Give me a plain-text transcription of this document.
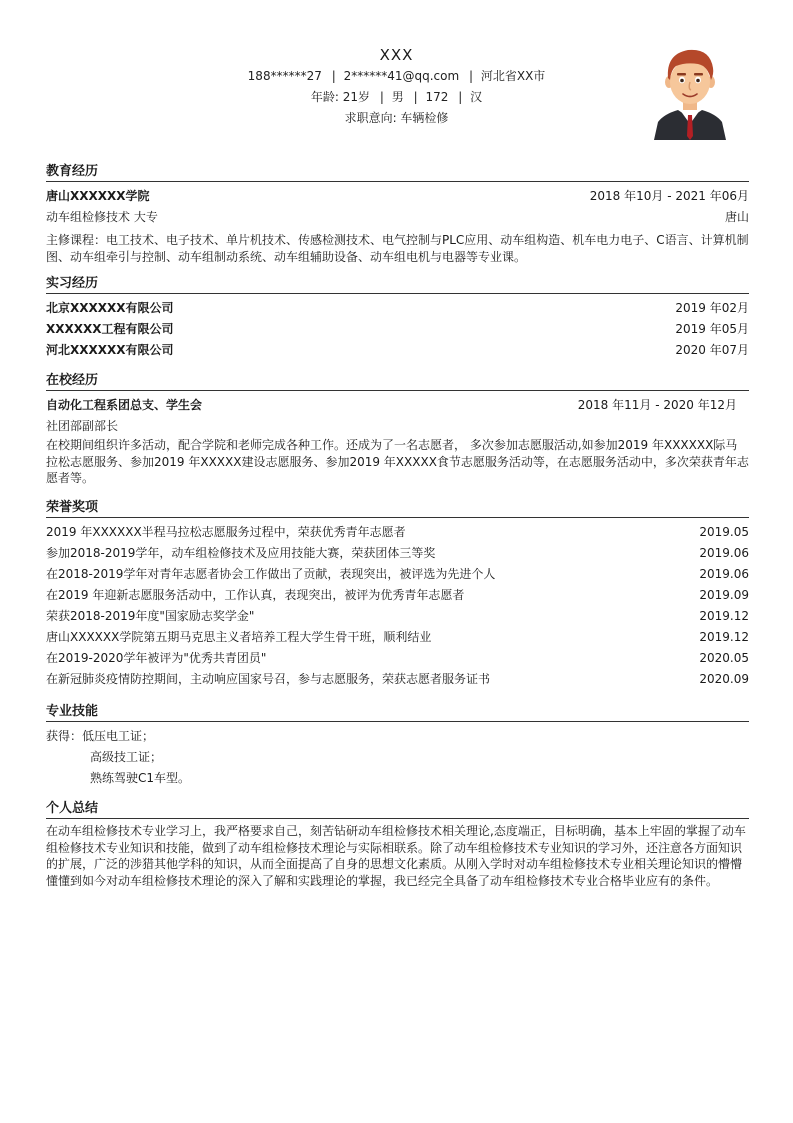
XXX
188******27 | 2******41@qq.com | 河北省XX市
年龄: 21岁 | 男 | 172 | 汉
求职意向: 车辆检修
教育经历
唐山XXXXXX学院	2018 年10月 - 2021 年06月
动车组检修技术 大专	唐山
主修课程：电工技术、电子技术、单片机技术、传感检测技术、电气控制与PLC应用、动车组构造、机车电力电子、C语言、计算机制图、动车组牵引与控制、动车组制动系统、动车组辅助设备、动车组电机与电器等专业课。
实习经历
北京XXXXXX有限公司	2019 年02月
XXXXXX工程有限公司	2019 年05月
河北XXXXXX有限公司	2020 年07月
在校经历
自动化工程系团总支、学生会	2018 年11月 - 2020 年12月
社团部副部长
在校期间组织许多活动，配合学院和老师完成各种工作。还成为了一名志愿者， 多次参加志愿服活动,如参加2019 年XXXXXX际马拉松志愿服务、参加2019 年XXXXX建设志愿服务、参加2019 年XXXXX食节志愿服务活动等，在志愿服务活动中，多次荣获青年志愿者等。
荣誉奖项
2019 年XXXXXX半程马拉松志愿服务过程中，荣获优秀青年志愿者	2019.05
参加2018-2019学年，动车组检修技术及应用技能大赛，荣获团体三等奖	2019.06
在2018-2019学年对青年志愿者协会工作做出了贡献，表现突出，被评选为先进个人	2019.06
在2019 年迎新志愿服务活动中，工作认真，表现突出，被评为优秀青年志愿者	2019.09
荣获2018-2019年度"国家励志奖学金"	2019.12
唐山XXXXXX学院第五期马克思主义者培养工程大学生骨干班，顺利结业	2019.12
在2019-2020学年被评为"优秀共青团员"	2020.05
在新冠肺炎疫情防控期间，主动响应国家号召，参与志愿服务，荣获志愿者服务证书	2020.09
专业技能
获得：低压电工证；
高级技工证；
熟练驾驶C1车型。
个人总结
在动车组检修技术专业学习上，我严格要求自己，刻苦钻研动车组检修技术相关理论,态度端正，目标明确，基本上牢固的掌握了动车组检修技术专业知识和技能，做到了动车组检修技术理论与实际相联系。除了动车组检修技术专业知识的学习外，还注意各方面知识的扩展，广泛的涉猎其他学科的知识，从而全面提高了自身的思想文化素质。从刚入学时对动车组检修技术专业相关理论知识的懵懵懂懂到如今对动车组检修技术理论的深入了解和实践理论的掌握，我已经完全具备了动车组检修技术专业合格毕业应有的条件。
